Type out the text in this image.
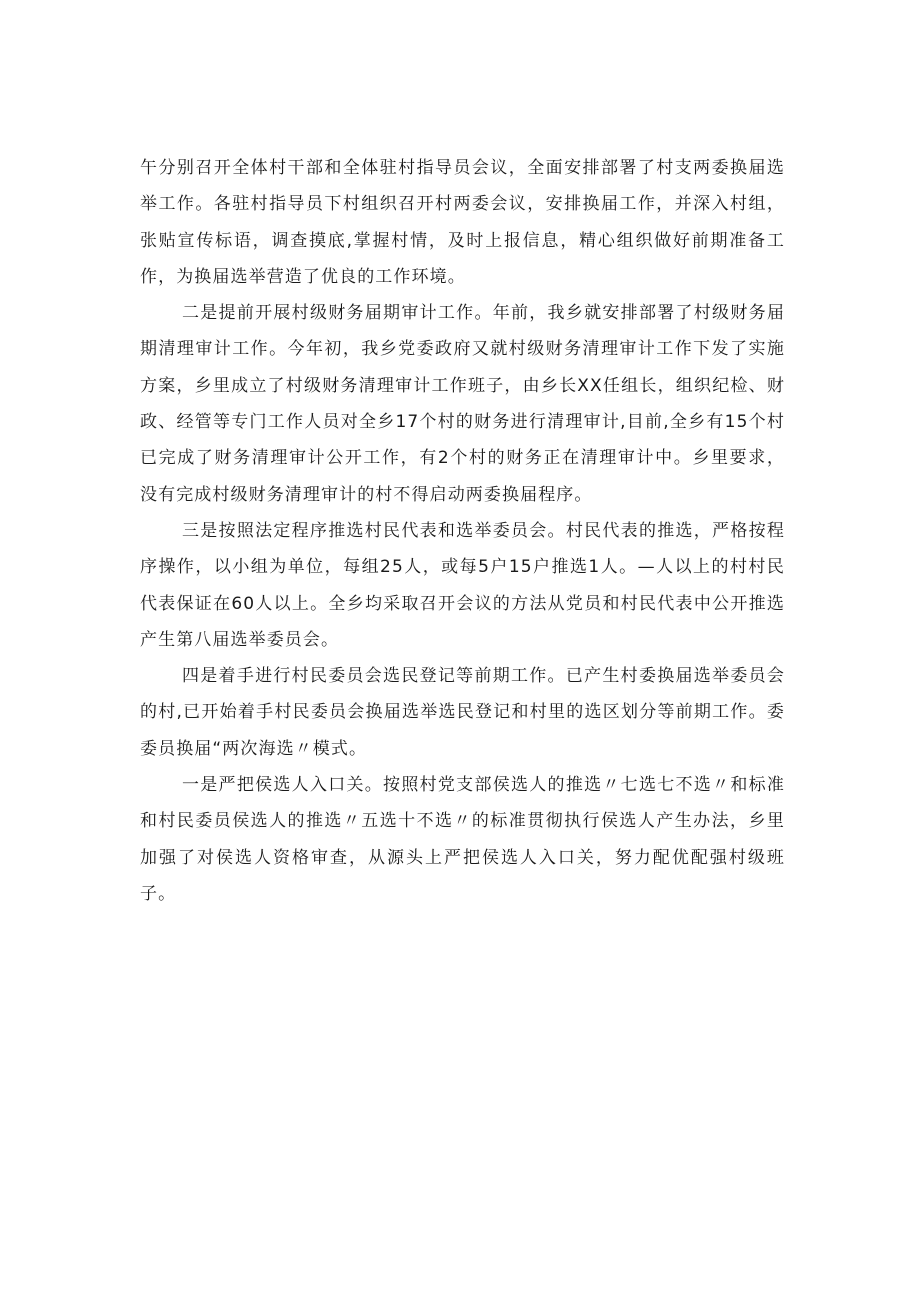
午分别召开全体村干部和全体驻村指导员会议，全面安排部署了村支两委换届选举工作。各驻村指导员下村组织召开村两委会议，安排换届工作，并深入村组，张贴宣传标语，调查摸底,掌握村情，及时上报信息，精心组织做好前期准备工作，为换届选举营造了优良的工作环境。

二是提前开展村级财务届期审计工作。年前，我乡就安排部署了村级财务届期清理审计工作。今年初，我乡党委政府又就村级财务清理审计工作下发了实施方案，乡里成立了村级财务清理审计工作班子，由乡长XX任组长，组织纪检、财政、经管等专门工作人员对全乡17个村的财务进行清理审计,目前,全乡有15个村已完成了财务清理审计公开工作，有2个村的财务正在清理审计中。乡里要求，没有完成村级财务清理审计的村不得启动两委换届程序。

三是按照法定程序推选村民代表和选举委员会。村民代表的推选，严格按程序操作，以小组为单位，每组25人，或每5户15户推选1人。—人以上的村村民代表保证在60人以上。全乡均采取召开会议的方法从党员和村民代表中公开推选产生第八届选举委员会。

四是着手进行村民委员会选民登记等前期工作。已产生村委换届选举委员会的村,已开始着手村民委员会换届选举选民登记和村里的选区划分等前期工作。委委员换届“两次海选〃模式。

一是严把侯选人入口关。按照村党支部侯选人的推选〃七选七不选〃和标准和村民委员侯选人的推选〃五选十不选〃的标准贯彻执行侯选人产生办法，乡里加强了对侯选人资格审查，从源头上严把侯选人入口关，努力配优配强村级班子。
